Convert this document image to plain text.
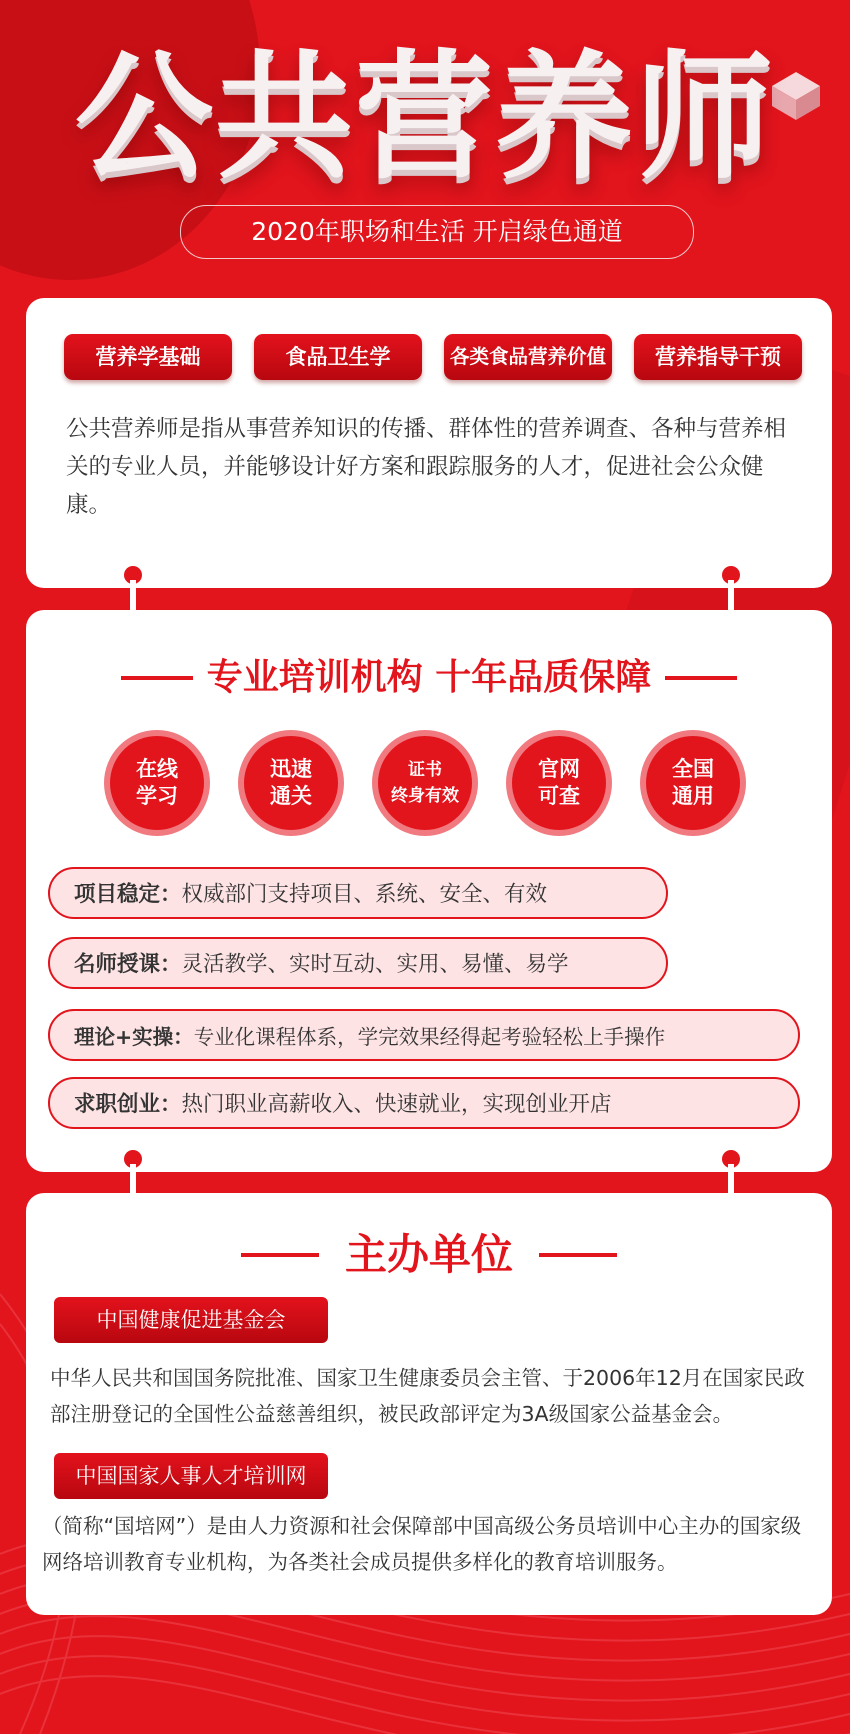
公共营养师
2020年职场和生活 开启绿色通道
营养学基础	食品卫生学	各类食品营养价值	营养指导干预
公共营养师是指从事营养知识的传播、群体性的营养调查、各种与营养相关的专业人员，并能够设计好方案和跟踪服务的人才，促进社会公众健康。
专业培训机构 十年品质保障
在线
学习
迅速
通关
证书
终身有效
官网
可查
全国
通用
项目稳定：权威部门支持项目、系统、安全、有效
名师授课：灵活教学、实时互动、实用、易懂、易学
理论+实操：专业化课程体系，学完效果经得起考验轻松上手操作
求职创业：热门职业高薪收入、快速就业，实现创业开店
主办单位
中国健康促进基金会
中华人民共和国国务院批准、国家卫生健康委员会主管、于2006年12月在国家民政部注册登记的全国性公益慈善组织，被民政部评定为3A级国家公益基金会。
中国国家人事人才培训网
（简称“国培网”）是由人力资源和社会保障部中国高级公务员培训中心主办的国家级网络培训教育专业机构，为各类社会成员提供多样化的教育培训服务。
